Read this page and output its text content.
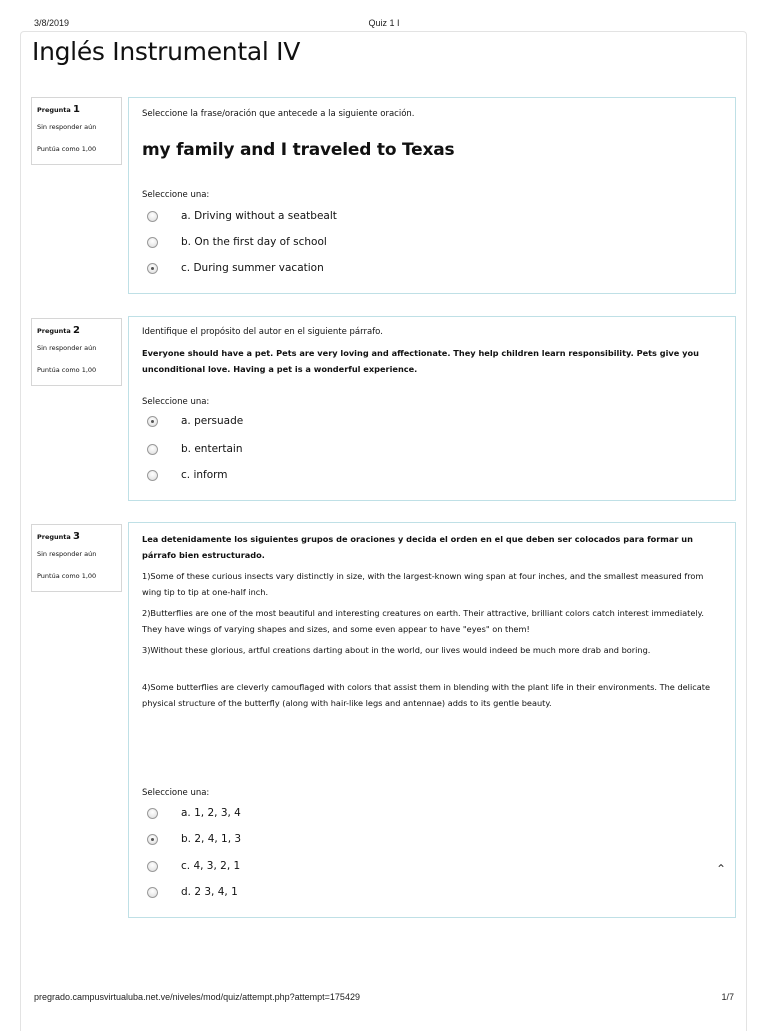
3/8/2019	Quiz 1 I
Inglés Instrumental IV
Pregunta 1
Sin responder aún
Puntúa como 1,00
Seleccione la frase/oración que antecede a la siguiente oración.
my family and I traveled to Texas
Seleccione una:
a. Driving without a seatbealt
b. On the first day of school
c. During summer vacation
Pregunta 2
Sin responder aún
Puntúa como 1,00
Identifique el propósito del autor en el siguiente párrafo.
Everyone should have a pet. Pets are very loving and affectionate. They help children learn responsibility. Pets give you unconditional love. Having a pet is a wonderful experience.
Seleccione una:
a. persuade
b. entertain
c. inform
Pregunta 3
Sin responder aún
Puntúa como 1,00
Lea detenidamente los siguientes grupos de oraciones y decida el orden en el que deben ser colocados para formar un párrafo bien estructurado.
1)Some of these curious insects vary distinctly in size, with the largest-known wing span at four inches, and the smallest measured from wing tip to tip at one-half inch.
2)Butterflies are one of the most beautiful and interesting creatures on earth. Their attractive, brilliant colors catch interest immediately. They have wings of varying shapes and sizes, and some even appear to have "eyes" on them!
3)Without these glorious, artful creations darting about in the world, our lives would indeed be much more drab and boring.
4)Some butterflies are cleverly camouflaged with colors that assist them in blending with the plant life in their environments. The delicate physical structure of the butterfly (along with hair-like legs and antennae) adds to its gentle beauty.
Seleccione una:
a. 1, 2, 3, 4
b. 2, 4, 1, 3
c. 4, 3, 2, 1
d. 2 3, 4, 1
⌃
pregrado.campusvirtualuba.net.ve/niveles/mod/quiz/attempt.php?attempt=175429	1/7
